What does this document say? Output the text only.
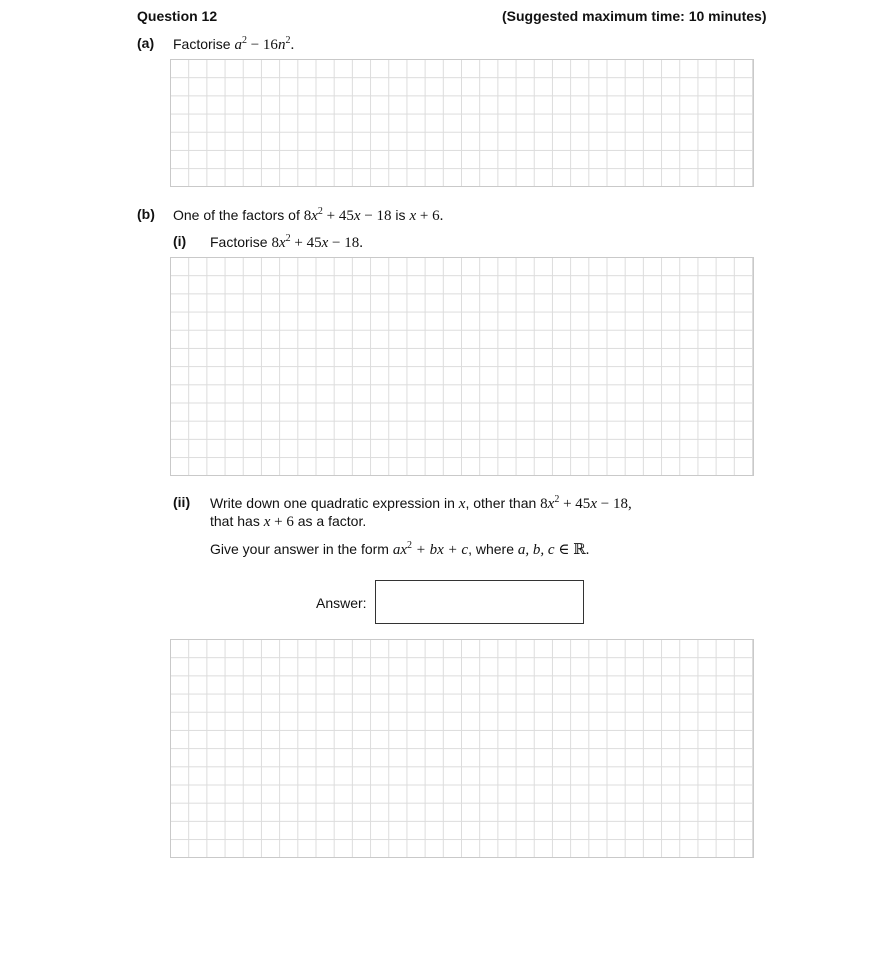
Question 12	(Suggested maximum time: 10 minutes)
(a) Factorise $a^2 - 16n^2$.
(b) One of the factors of $8x^2 + 45x - 18$ is x + 6.
(i) Factorise $8x^2 + 45x - 18$.
(ii) Write down one quadratic expression in x, other than $8x^2 + 45x - 18$,
that has x + 6 as a factor.
Give your answer in the form $ax^2$ + bx + c, where a, b, c ∈ ℝ.
Answer:
